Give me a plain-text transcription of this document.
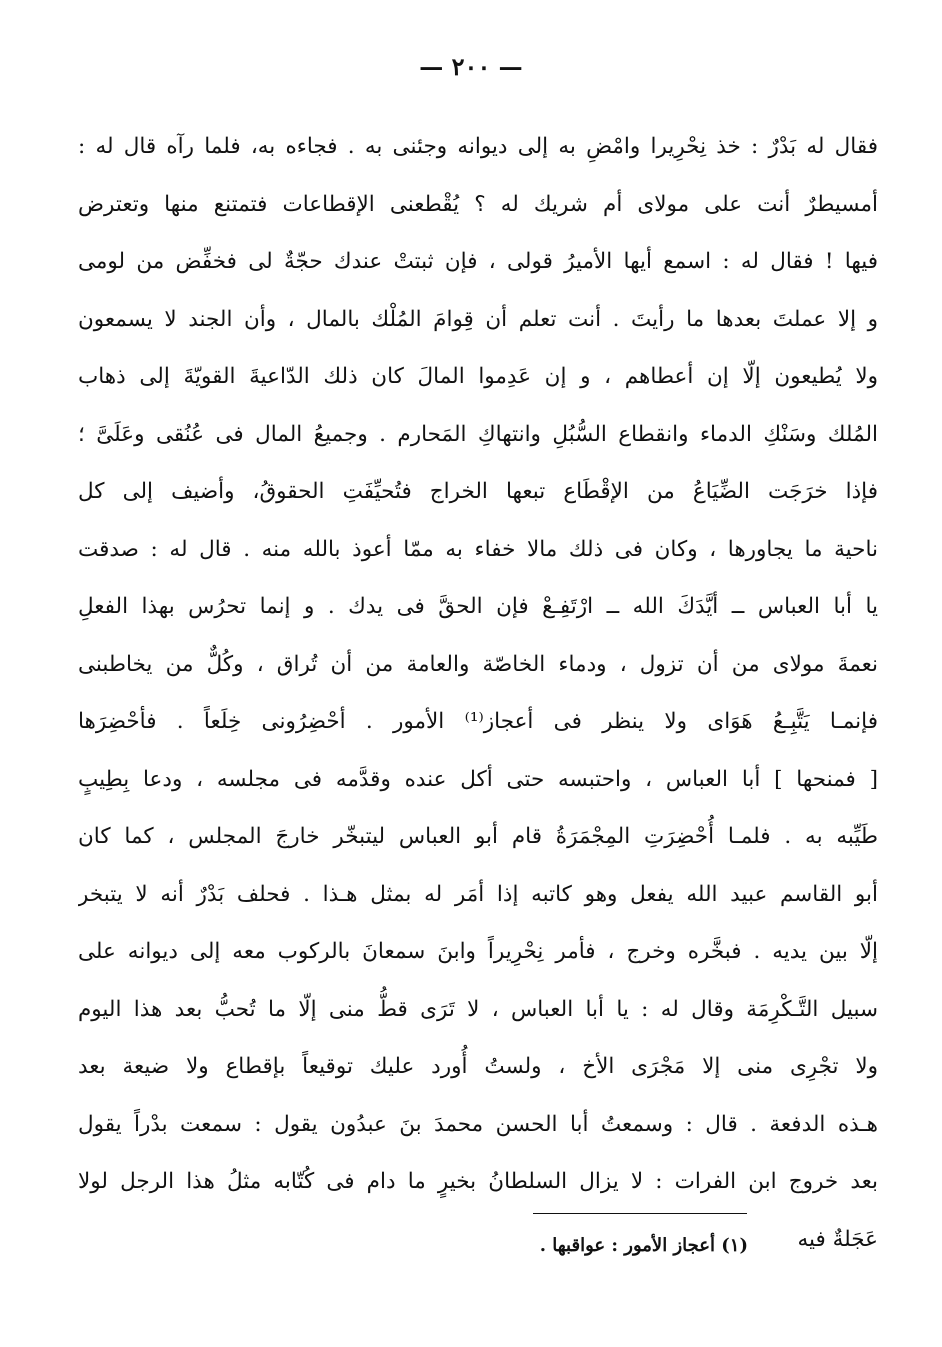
— ٢٠٠ —
فقال له بَدْرٌ : خذ نِحْرِيرا وامْضِ به إلى ديوانه وجئنى به . فجاءه به، فلما رآه قال له :
أمسيطرٌ أنت على مولاى أم شريك له ؟ يُقْطعنى الإقطاعات فتمتنع منها وتعترض
فيها ! فقال له : اسمع أيها الأميرُ قولى ، فإن ثبتتْ عندك حجّةٌ لى فخفِّض من لومى
و إلا عملتَ بعدها ما رأيتَ . أنت تعلم أن قِوامَ المُلْك بالمال ، وأن الجند لا يسمعون
ولا يُطيعون إلّا إن أعطاهم ، و إن عَدِموا المالَ كان ذلك الدّاعيةَ القويّةَ إلى ذهاب
المُلك وسَنْكِ الدماء وانقطاع السُّبُلِ وانتهاكِ المَحارم . وجميعُ المال فى عُنُقى وعَلَىَّ ؛
فإذا خرَجَت الضِّيَاعُ من الإقْطَاع تبعها الخراج فتُحيِّفَتِ الحقوقُ، وأضيف إلى كل
ناحية ما يجاورها ، وكان فى ذلك مالا خفاء به ممّا أعوذ بالله منه . قال له : صدقت
يا أبا العباس ــ أيَّدَكَ الله ــ ارْتَفِـعْ فإن الحقَّ فى يدك . و إنما تحرُس بهذا الفعلِ
نعمةَ مولاى من أن تزول ، ودماء الخاصّة والعامة من أن تُراق ، وكُلٌّ من يخاطبنى
فإنمـا يَتَّبِـعُ هَوَاى ولا ينظر فى أعجاز⁽¹⁾ الأمور . أحْضِرُونى خِلَعاً . فأحْضِرَها
[ فمنحها ] أبا العباس ، واحتبسه حتى أكل عنده وقدَّمه فى مجلسه ، ودعا بِطِيبٍ
طَيِّبه به . فلمـا أُحْضِرَتِ المِجْمَرَةُ قام أبو العباس ليتبخّر خارجَ المجلس ، كما كان
أبو القاسم عبيد الله يفعل وهو كاتبه إذا أمَر له بمثل هـذا . فحلف بَدْرٌ أنه لا يتبخر
إلّا بين يديه . فبخَّره وخرج ، فأمر نِحْرِيراً وابنَ سمعانَ بالركوب معه إلى ديوانه على
سبيل التَّـكْرِمَة وقال له : يا أبا العباس ، لا تَرَى قطُّ منى إلّا ما تُحبُّ بعد هذا اليوم
ولا تجْرِى منى إلا مَجْرَى الأخ ، ولستُ أُورد عليك توقيعاً بإقطاع ولا ضيعة بعد
هـذه الدفعة . قال : وسمعتُ أبا الحسن محمدَ بنَ عبدُون يقول : سمعت بدْراً يقول
بعد خروج ابن الفرات : لا يزال السلطانُ بخيرٍ ما دام فى كُتّابه مثلُ هذا الرجل لولا
عَجَلةٌ فيه
(١) أعجاز الأمور : عواقبها .
